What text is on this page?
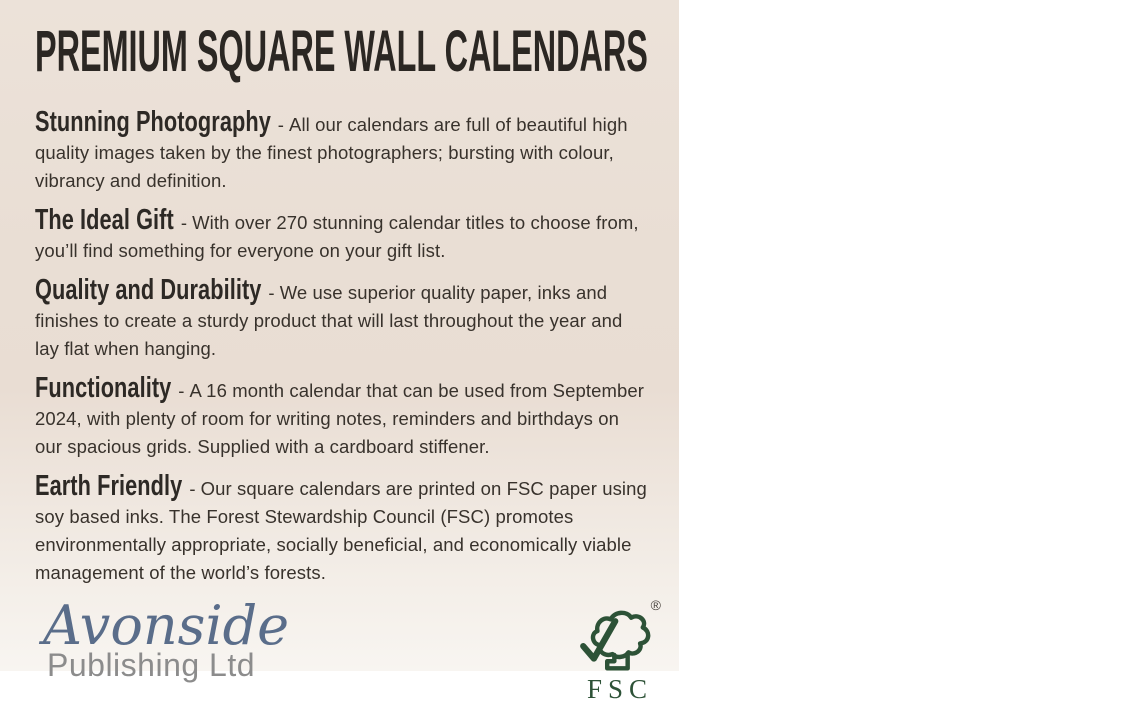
PREMIUM SQUARE WALL CALENDARS

Stunning Photography - All our calendars are full of beautiful high quality images taken by the finest photographers; bursting with colour, vibrancy and definition.

The Ideal Gift - With over 270 stunning calendar titles to choose from, you’ll find something for everyone on your gift list.

Quality and Durability - We use superior quality paper, inks and finishes to create a sturdy product that will last throughout the year and lay flat when hanging.

Functionality - A 16 month calendar that can be used from September 2024, with plenty of room for writing notes, reminders and birthdays on our spacious grids. Supplied with a cardboard stiffener.

Earth Friendly - Our square calendars are printed on FSC paper using soy based inks. The Forest Stewardship Council (FSC) promotes environmentally appropriate, socially beneficial, and economically viable management of the world’s forests.

Avonside
Publishing Ltd
®
FSC
